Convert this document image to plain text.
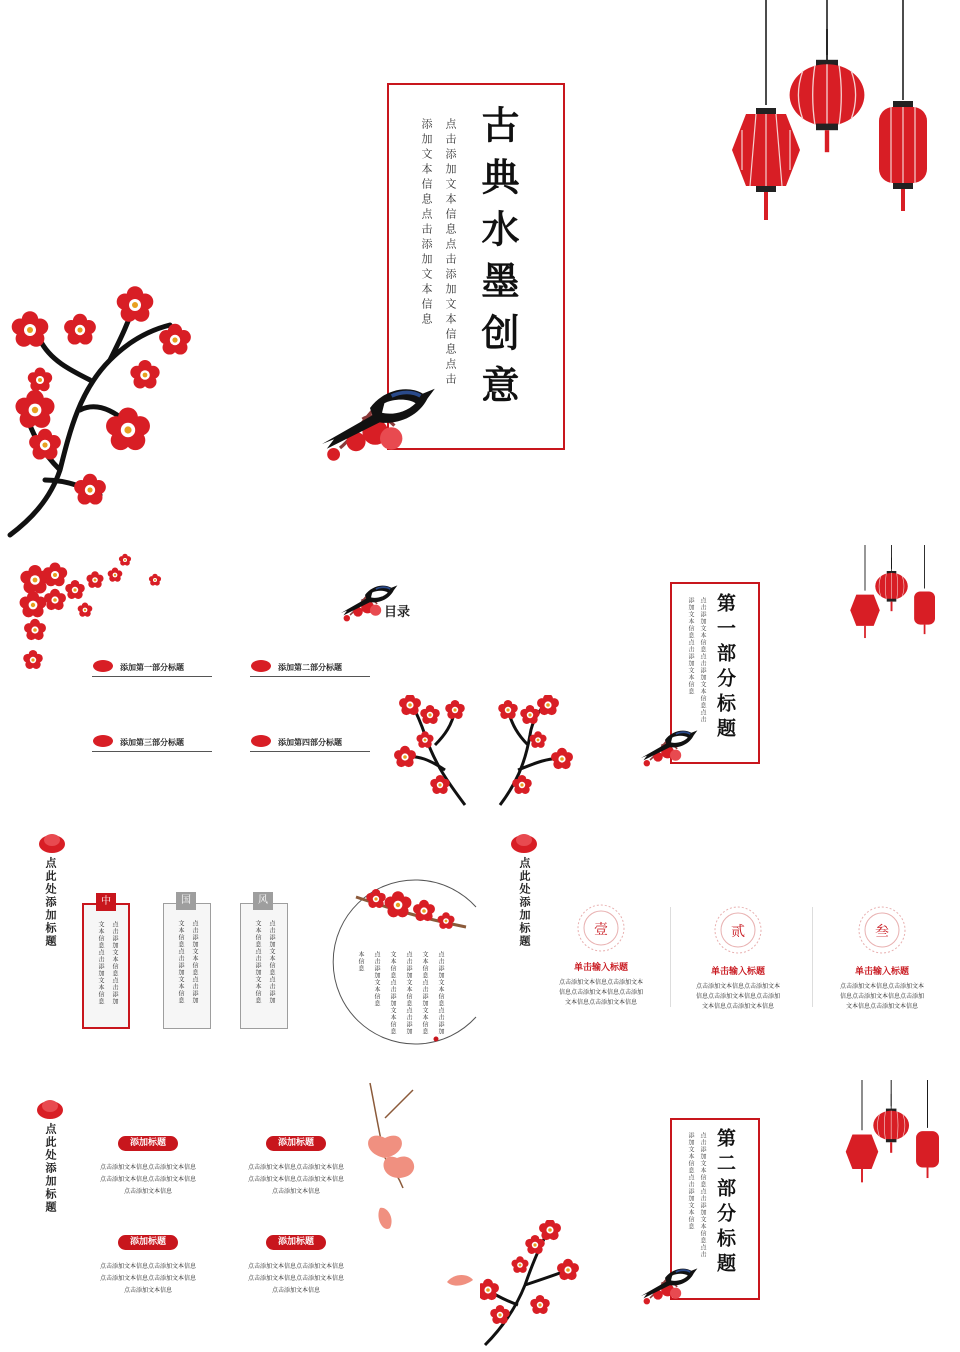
古典水墨创意
点击添加文本信息点击添加文本信息点击
添加文本信息点击添加文本信息
目录
添加第一部分标题	添加第二部分标题
添加第三部分标题	添加第四部分标题	第一部分标题
点击添加文本信息点击添加文本信息点击
添加文本信息点击添加文本信息
点此处添加标题	中
点击添加文本信息点击添加
文本信息点击添加文本信息
国
点击添加文本信息点击添加
文本信息点击添加文本信息
风
点击添加文本信息点击添加
文本信息点击添加文本信息	点击添加文本信息点击添加
文本信息点击添加文本信息
点击添加文本信息点击添加
文本信息点击添加文本信息
点击添加文本信息
本信息
点此处添加标题	壹
单击输入标题
点击添加文本信息点击添加文本
信息点击添加文本信息点击添加
文本信息点击添加文本信息
贰
单击输入标题
点击添加文本信息点击添加文本
信息点击添加文本信息点击添加
文本信息点击添加文本信息
叁
单击输入标题
点击添加文本信息点击添加文本
信息点击添加文本信息点击添加
文本信息点击添加文本信息
点此处添加标题	添加标题
点击添加文本信息点击添加文本信息
点击添加文本信息点击添加文本信息
点击添加文本信息
添加标题
点击添加文本信息点击添加文本信息
点击添加文本信息点击添加文本信息
点击添加文本信息
添加标题
点击添加文本信息点击添加文本信息
点击添加文本信息点击添加文本信息
点击添加文本信息
添加标题
点击添加文本信息点击添加文本信息
点击添加文本信息点击添加文本信息
点击添加文本信息
第二部分标题
点击添加文本信息点击添加文本信息点击
添加文本信息点击添加文本信息
